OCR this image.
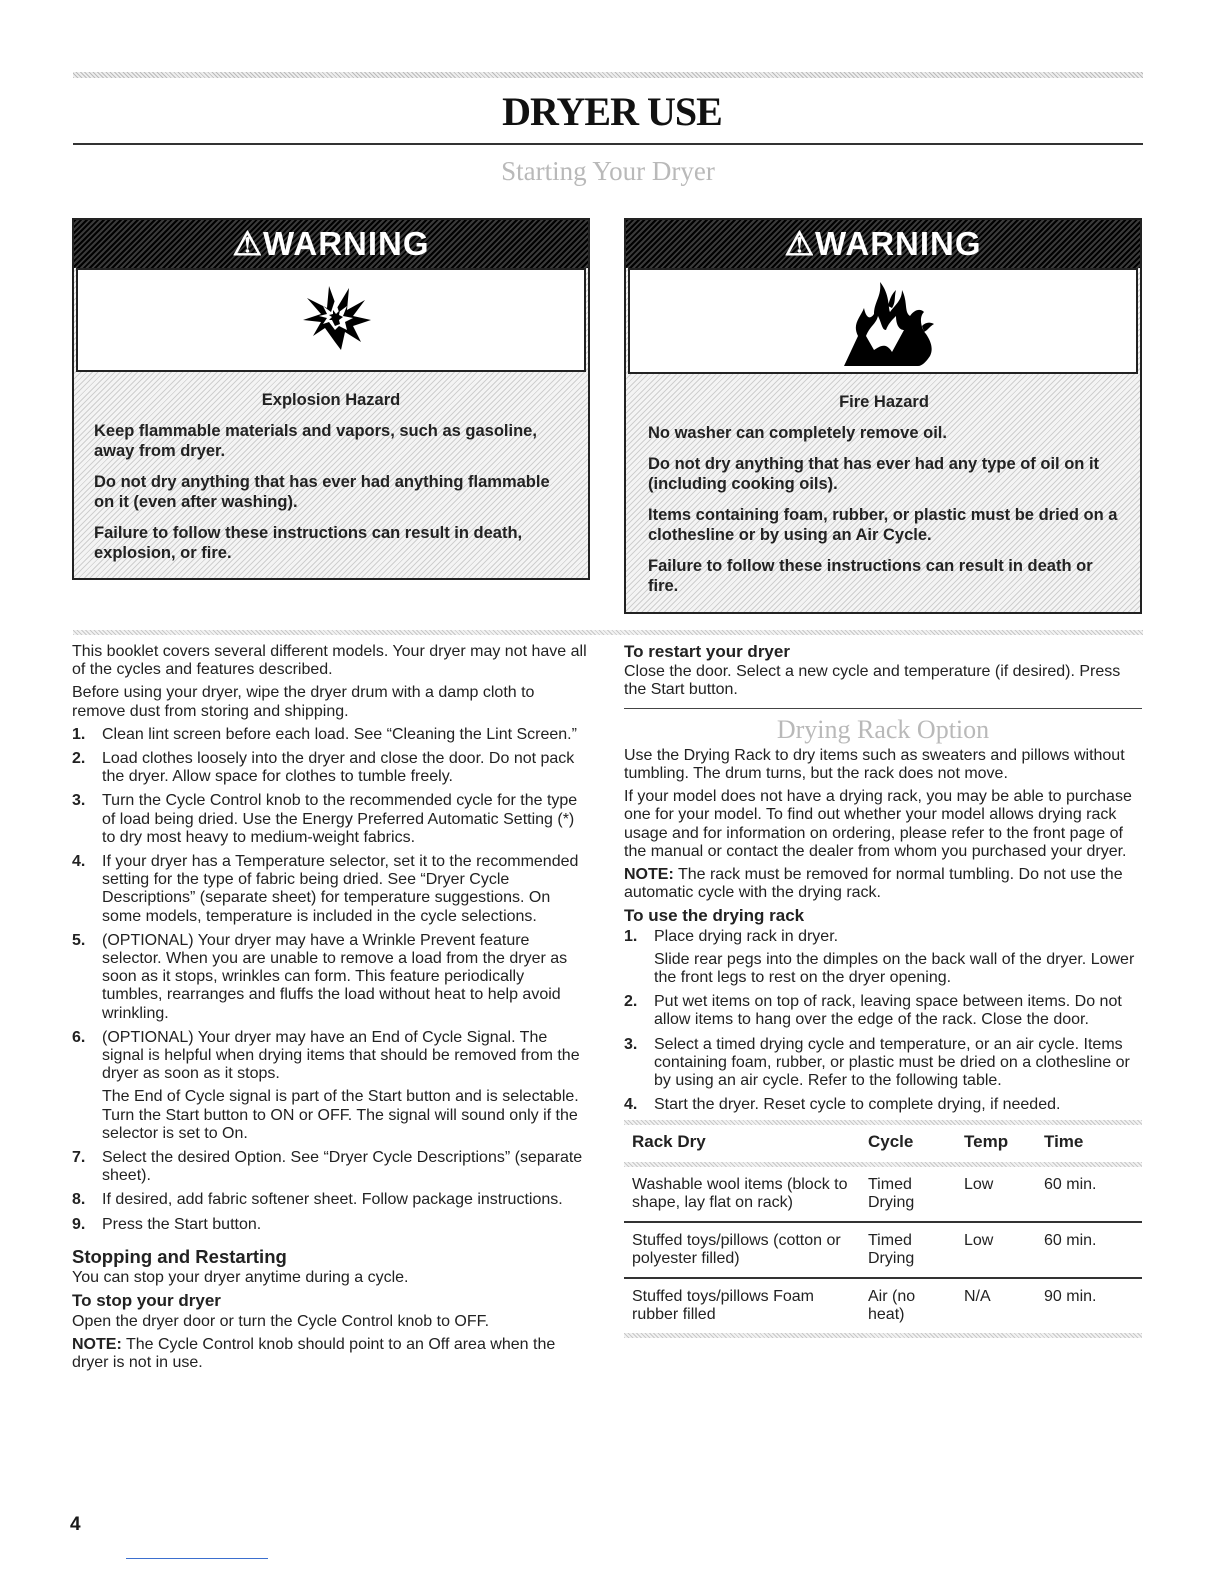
DRYER USE
Starting Your Dryer
⚠WARNING

Explosion Hazard

Keep flammable materials and vapors, such as gasoline, away from dryer.

Do not dry anything that has ever had anything flammable on it (even after washing).

Failure to follow these instructions can result in death, explosion, or fire.

⚠WARNING

Fire Hazard

No washer can completely remove oil.

Do not dry anything that has ever had any type of oil on it (including cooking oils).

Items containing foam, rubber, or plastic must be dried on a clothesline or by using an Air Cycle.

Failure to follow these instructions can result in death or fire.

This booklet covers several different models. Your dryer may not have all of the cycles and features described.

Before using your dryer, wipe the dryer drum with a damp cloth to remove dust from storing and shipping.

1. Clean lint screen before each load. See “Cleaning the Lint Screen.”
2. Load clothes loosely into the dryer and close the door. Do not pack the dryer. Allow space for clothes to tumble freely.
3. Turn the Cycle Control knob to the recommended cycle for the type of load being dried. Use the Energy Preferred Automatic Setting (*) to dry most heavy to medium-weight fabrics.
4. If your dryer has a Temperature selector, set it to the recommended setting for the type of fabric being dried. See “Dryer Cycle Descriptions” (separate sheet) for temperature suggestions. On some models, temperature is included in the cycle selections.
5. (OPTIONAL) Your dryer may have a Wrinkle Prevent feature selector. When you are unable to remove a load from the dryer as soon as it stops, wrinkles can form. This feature periodically tumbles, rearranges and fluffs the load without heat to help avoid wrinkling.
6. (OPTIONAL) Your dryer may have an End of Cycle Signal. The signal is helpful when drying items that should be removed from the dryer as soon as it stops.
The End of Cycle signal is part of the Start button and is selectable. Turn the Start button to ON or OFF. The signal will sound only if the selector is set to On.
7. Select the desired Option. See “Dryer Cycle Descriptions” (separate sheet).
8. If desired, add fabric softener sheet. Follow package instructions.
9. Press the Start button.

Stopping and Restarting

You can stop your dryer anytime during a cycle.

To stop your dryer

Open the dryer door or turn the Cycle Control knob to OFF.

NOTE: The Cycle Control knob should point to an Off area when the dryer is not in use.

To restart your dryer

Close the door. Select a new cycle and temperature (if desired). Press the Start button.

Drying Rack Option

Use the Drying Rack to dry items such as sweaters and pillows without tumbling. The drum turns, but the rack does not move.

If your model does not have a drying rack, you may be able to purchase one for your model. To find out whether your model allows drying rack usage and for information on ordering, please refer to the front page of the manual or contact the dealer from whom you purchased your dryer.

NOTE: The rack must be removed for normal tumbling. Do not use the automatic cycle with the drying rack.

To use the drying rack

1. Place drying rack in dryer.
Slide rear pegs into the dimples on the back wall of the dryer. Lower the front legs to rest on the dryer opening.
2. Put wet items on top of rack, leaving space between items. Do not allow items to hang over the edge of the rack. Close the door.
3. Select a timed drying cycle and temperature, or an air cycle. Items containing foam, rubber, or plastic must be dried on a clothesline or by using an air cycle. Refer to the following table.
4. Start the dryer. Reset cycle to complete drying, if needed.
Rack Dry	Cycle	Temp	Time

Washable wool items (block to shape, lay flat on rack)	Timed Drying	Low	60 min.
Stuffed toys/pillows (cotton or polyester filled)	Timed Drying	Low	60 min.
Stuffed toys/pillows Foam rubber filled	Air (no heat)	N/A	90 min.
4
